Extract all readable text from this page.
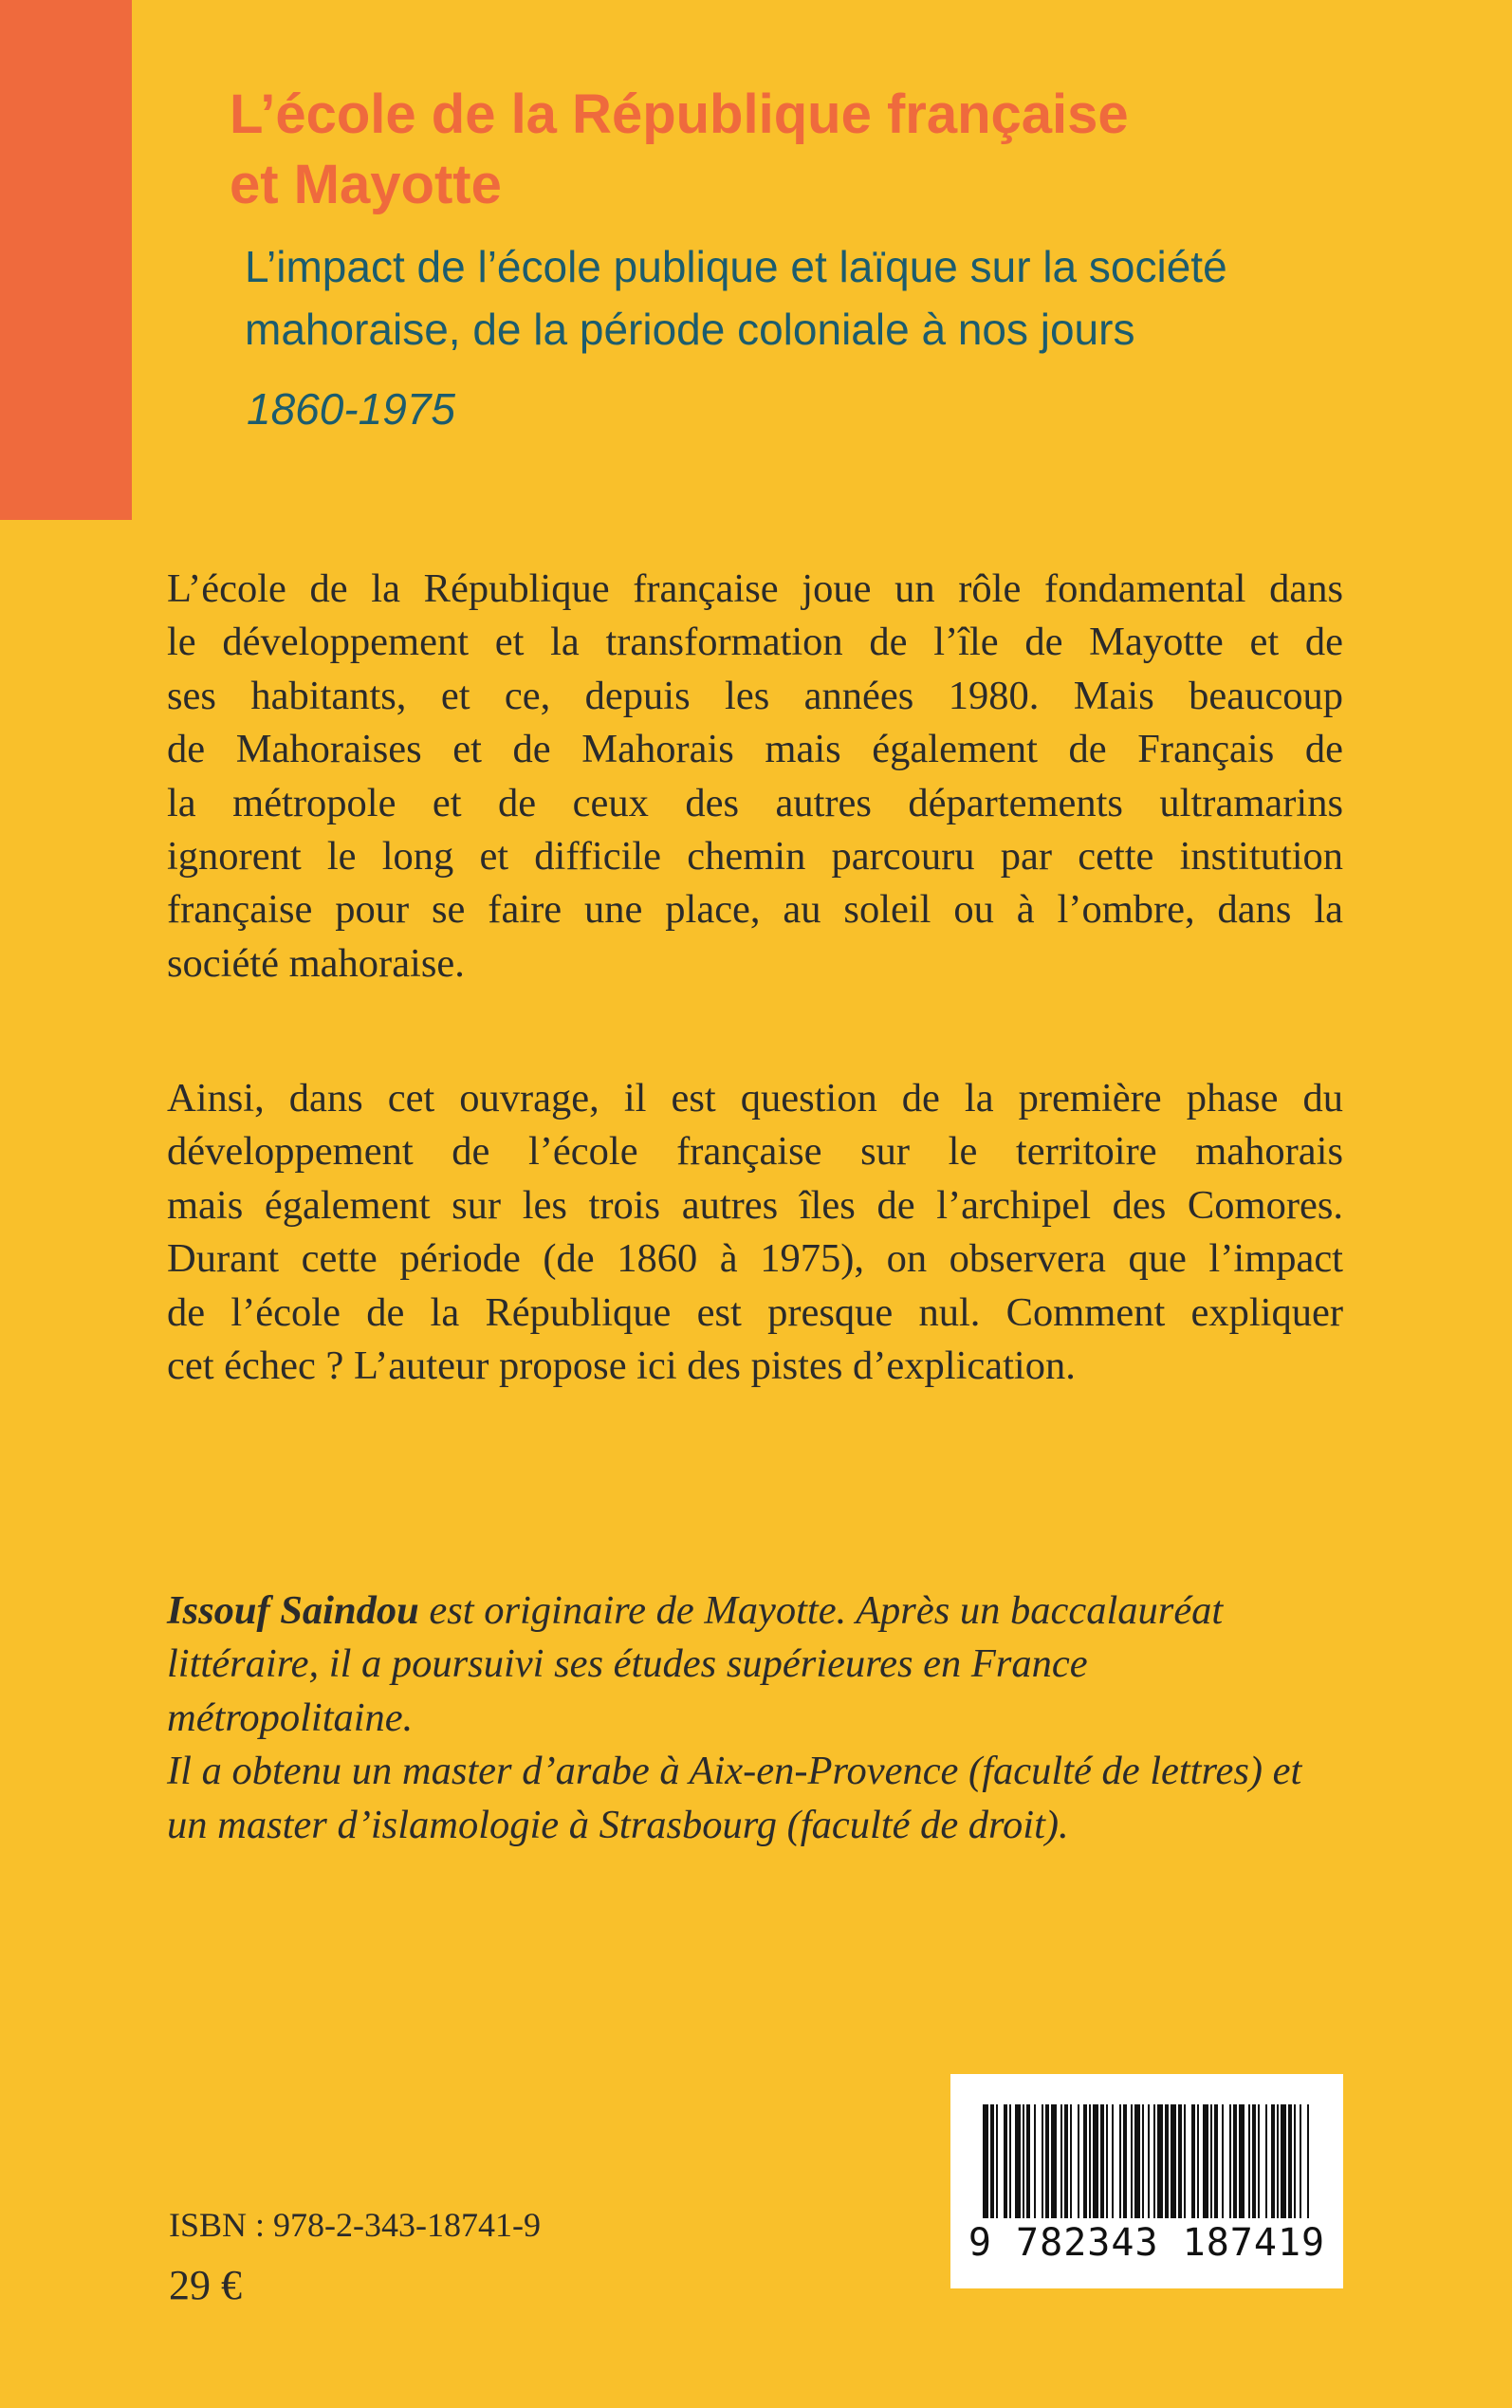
L’école de la République française
et Mayotte
L’impact de l’école publique et laïque sur la société
mahoraise, de la période coloniale à nos jours
1860-1975
L’école de la République française joue un rôle fondamental dans
le développement et la transformation de l’île de Mayotte et de
ses habitants, et ce, depuis les années 1980. Mais beaucoup
de Mahoraises et de Mahorais mais également de Français de
la métropole et de ceux des autres départements ultramarins
ignorent le long et difficile chemin parcouru par cette institution
française pour se faire une place, au soleil ou à l’ombre, dans la
société mahoraise.
Ainsi, dans cet ouvrage, il est question de la première phase du
développement de l’école française sur le territoire mahorais
mais également sur les trois autres îles de l’archipel des Comores.
Durant cette période (de 1860 à 1975), on observera que l’impact
de l’école de la République est presque nul. Comment expliquer
cet échec ? L’auteur propose ici des pistes d’explication.
Issouf Saindou est originaire de Mayotte. Après un baccalauréat
littéraire, il a poursuivi ses études supérieures en France métropolitaine.
Il a obtenu un master d’arabe à Aix-en-Provence (faculté de lettres) et
un master d’islamologie à Strasbourg (faculté de droit).
9 782343 187419
ISBN : 978-2-343-18741-9
29 €
